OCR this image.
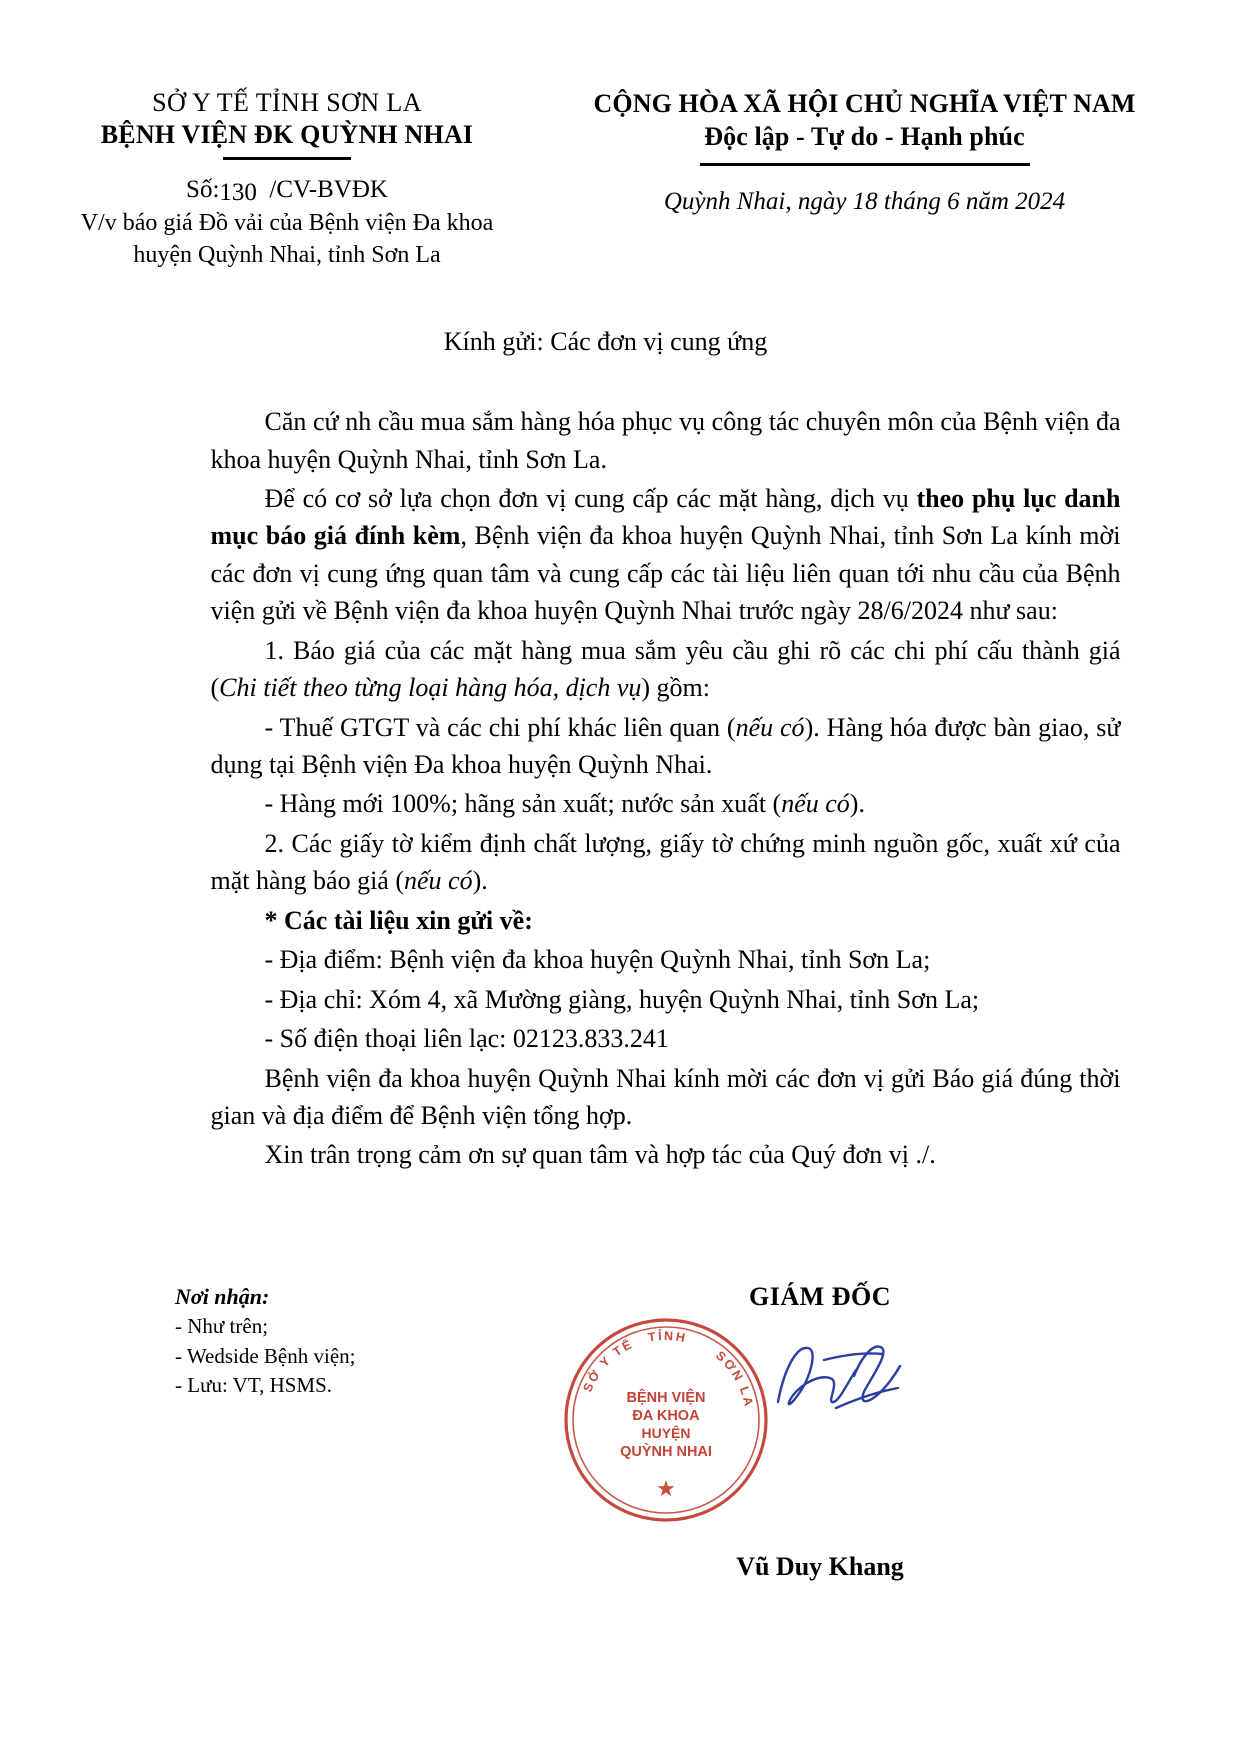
SỞ Y TẾ TỈNH SƠN LA
BỆNH VIỆN ĐK QUỲNH NHAI
Số:130 /CV-BVĐK
V/v báo giá Đồ vải của Bệnh viện Đa khoa
huyện Quỳnh Nhai, tỉnh Sơn La
CỘNG HÒA XÃ HỘI CHỦ NGHĨA VIỆT NAM
Độc lập - Tự do - Hạnh phúc
Quỳnh Nhai, ngày 18 tháng 6 năm 2024
Kính gửi: Các đơn vị cung ứng

Căn cứ nh cầu mua sắm hàng hóa phục vụ công tác chuyên môn của Bệnh viện đa khoa huyện Quỳnh Nhai, tỉnh Sơn La.

Để có cơ sở lựa chọn đơn vị cung cấp các mặt hàng, dịch vụ theo phụ lục danh mục báo giá đính kèm, Bệnh viện đa khoa huyện Quỳnh Nhai, tỉnh Sơn La kính mời các đơn vị cung ứng quan tâm và cung cấp các tài liệu liên quan tới nhu cầu của Bệnh viện gửi về Bệnh viện đa khoa huyện Quỳnh Nhai trước ngày 28/6/2024 như sau:

1. Báo giá của các mặt hàng mua sắm yêu cầu ghi rõ các chi phí cấu thành giá (Chi tiết theo từng loại hàng hóa, dịch vụ) gồm:

- Thuế GTGT và các chi phí khác liên quan (nếu có). Hàng hóa được bàn giao, sử dụng tại Bệnh viện Đa khoa huyện Quỳnh Nhai.

- Hàng mới 100%; hãng sản xuất; nước sản xuất (nếu có).

2. Các giấy tờ kiểm định chất lượng, giấy tờ chứng minh nguồn gốc, xuất xứ của mặt hàng báo giá (nếu có).

* Các tài liệu xin gửi về:

- Địa điểm: Bệnh viện đa khoa huyện Quỳnh Nhai, tỉnh Sơn La;

- Địa chỉ: Xóm 4, xã Mường giàng, huyện Quỳnh Nhai, tỉnh Sơn La;

- Số điện thoại liên lạc: 02123.833.241

Bệnh viện đa khoa huyện Quỳnh Nhai kính mời các đơn vị gửi Báo giá đúng thời gian và địa điểm để Bệnh viện tổng hợp.

Xin trân trọng cảm ơn sự quan tâm và hợp tác của Quý đơn vị ./.

Nơi nhận:
- Như trên;
- Wedside Bệnh viện;
- Lưu: VT, HSMS.
GIÁM ĐỐC
Vũ Duy Khang
SỞ Y TẾ TỈNH
SƠN LA
BỆNH VIỆN
ĐA KHOA
HUYỆN
QUỲNH NHAI
★
